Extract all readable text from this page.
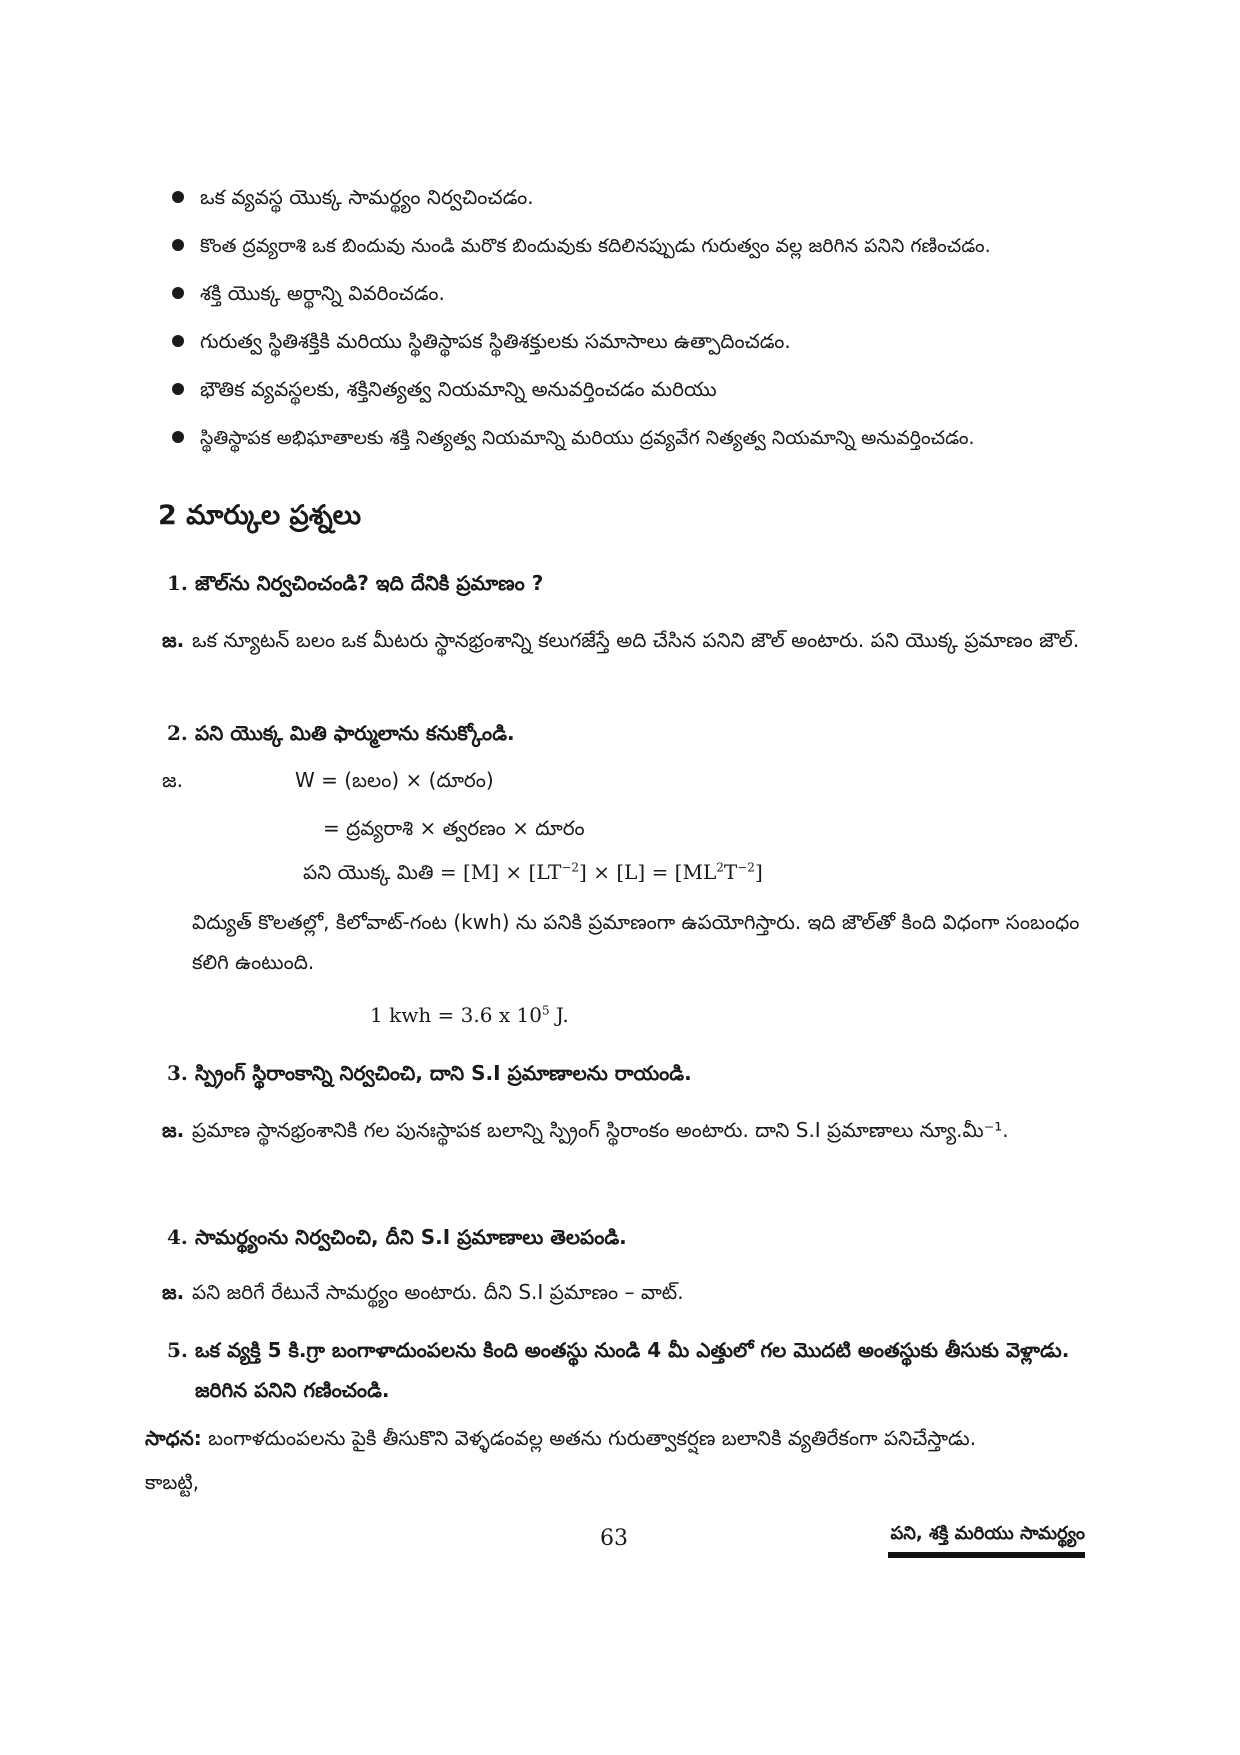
ఒక వ్యవస్థ యొక్క సామర్థ్యం నిర్వచించడం.
కొంత ద్రవ్యరాశి ఒక బిందువు నుండి మరొక బిందువుకు కదిలినప్పుడు గురుత్వం వల్ల జరిగిన పనిని గణించడం.
శక్తి యొక్క అర్థాన్ని వివరించడం.
గురుత్వ స్థితిశక్తికి మరియు స్థితిస్థాపక స్థితిశక్తులకు సమాసాలు ఉత్పాదించడం.
భౌతిక వ్యవస్థలకు, శక్తినిత్యత్వ నియమాన్ని అనువర్తించడం మరియు
స్థితిస్థాపక అభిఘాతాలకు శక్తి నిత్యత్వ నియమాన్ని మరియు ద్రవ్యవేగ నిత్యత్వ నియమాన్ని అనువర్తించడం.
2 మార్కుల ప్రశ్నలు
1. జౌల్‌ను నిర్వచించండి? ఇది దేనికి ప్రమాణం ?
జ. ఒక న్యూటన్ బలం ఒక మీటరు స్థానభ్రంశాన్ని కలుగజేస్తే అది చేసిన పనిని జౌల్ అంటారు. పని యొక్క ప్రమాణం జౌల్.
2. పని యొక్క మితి ఫార్ములాను కనుక్కోండి.
జ.	W = (బలం) × (దూరం)
= ద్రవ్యరాశి × త్వరణం × దూరం
పని యొక్క మితి = $[M] \times [LT^{-2}] \times [L] = [ML^2T^{-2}]$
విద్యుత్ కొలతల్లో, కిలోవాట్-గంట (kwh) ను పనికి ప్రమాణంగా ఉపయోగిస్తారు. ఇది జౌల్‌తో కింది విధంగా సంబంధం కలిగి ఉంటుంది.
1 kwh = 3.6 x $10^5$ J.
3. స్ప్రింగ్ స్థిరాంకాన్ని నిర్వచించి, దాని S.I ప్రమాణాలను రాయండి.
జ. ప్రమాణ స్థానభ్రంశానికి గల పునఃస్థాపక బలాన్ని స్ప్రింగ్ స్థిరాంకం అంటారు. దాని S.I ప్రమాణాలు న్యూ.మీ⁻¹.
4. సామర్థ్యంను నిర్వచించి, దీని S.I ప్రమాణాలు తెలపండి.
జ. పని జరిగే రేటునే సామర్థ్యం అంటారు. దీని S.I ప్రమాణం – వాట్.
5. ఒక వ్యక్తి 5 కి.గ్రా బంగాళాదుంపలను కింది అంతస్థు నుండి 4 మీ ఎత్తులో గల మొదటి అంతస్థుకు తీసుకు వెళ్లాడు. జరిగిన పనిని గణించండి.
సాధన: బంగాళదుంపలను పైకి తీసుకొని వెళ్ళడంవల్ల అతను గురుత్వాకర్షణ బలానికి వ్యతిరేకంగా పనిచేస్తాడు.
కాబట్టి,
63	పని, శక్తి మరియు సామర్థ్యం
